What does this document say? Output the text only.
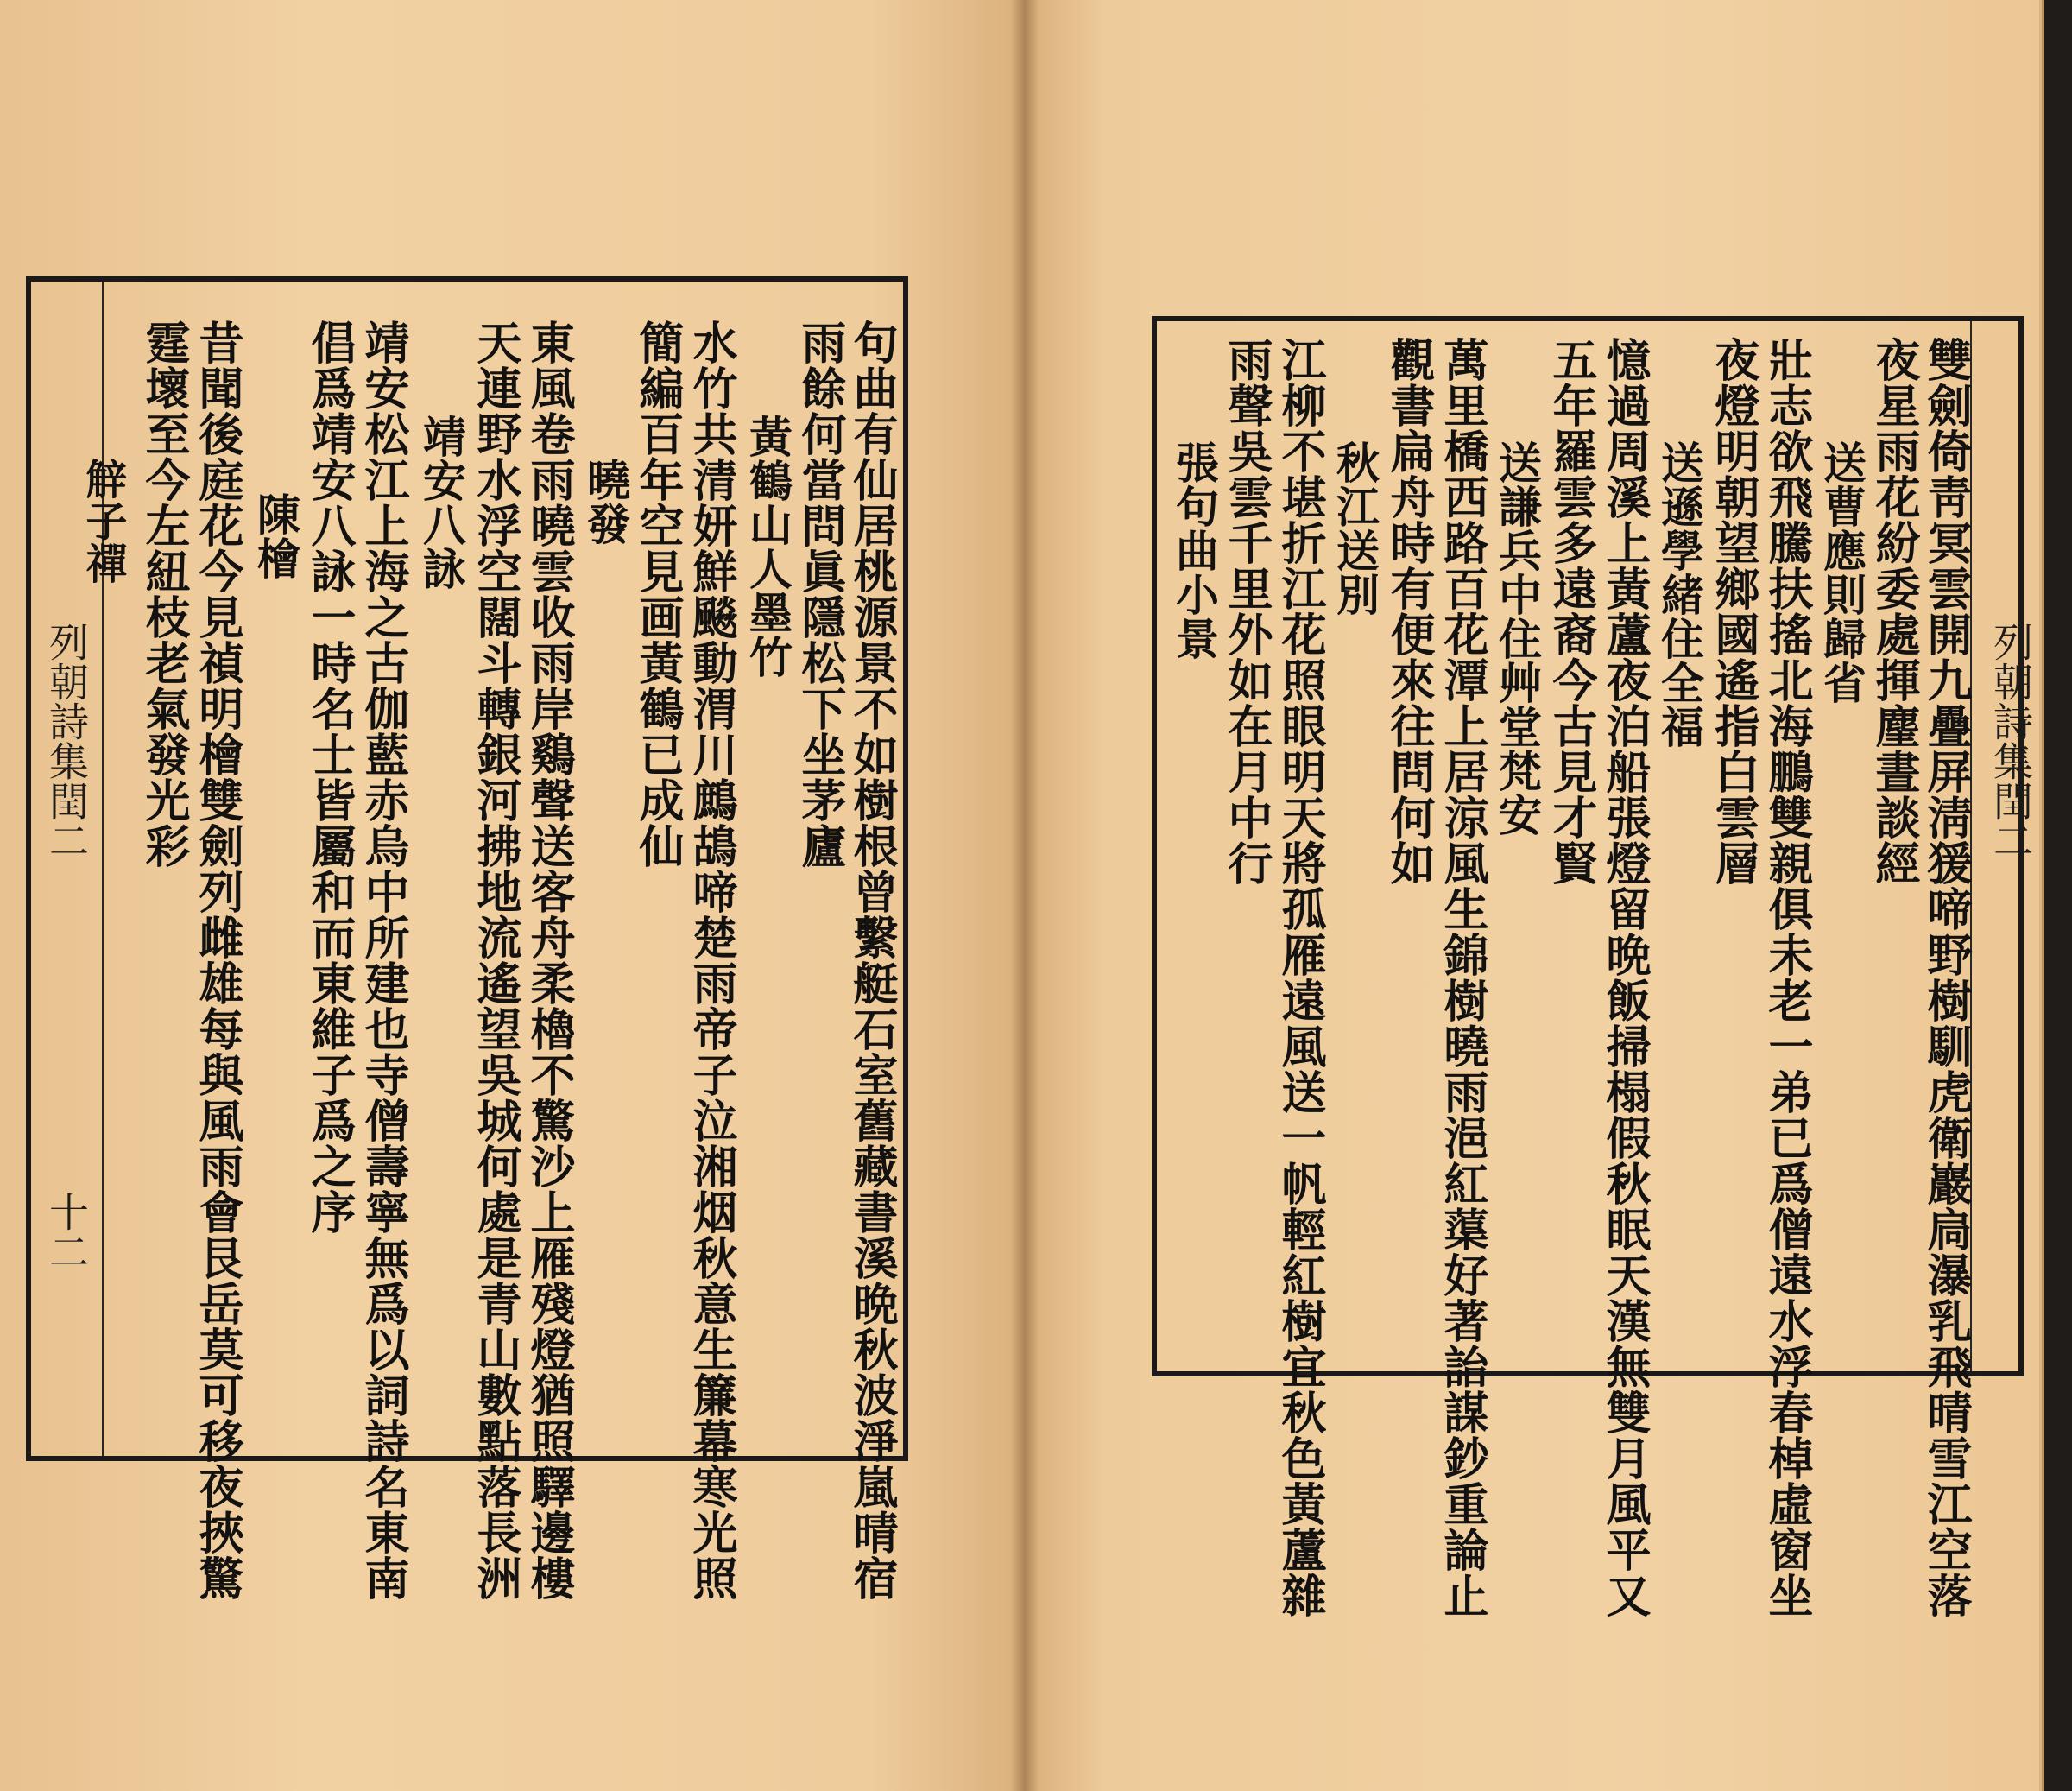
列朝詩集閏二
十二	句曲有仙居桃源景不如樹根曾繫艇石室舊藏書溪晩秋波淨嵐晴宿
雨餘何當問眞隱松下坐茅廬
黃鶴山人墨竹
水竹共清妍鮮飈動渭川鷓鴣啼楚雨帝子泣湘烟秋意生簾幕寒光照
簡編百年空見画黃鶴已成仙
曉發
東風卷雨曉雲收雨岸鷄聲送客舟柔櫓不驚沙上雁殘燈猶照驛邊樓
天連野水浮空闊斗轉銀河拂地流遙望吳城何處是青山數點落長洲
靖安八詠
靖安松江上海之古伽藍赤烏中所建也寺僧壽寧無爲以詞詩名東南
倡爲靖安八詠一時名士皆屬和而東維子爲之序
陳檜
昔聞後庭花今見禎明檜雙劍列雌雄每與風雨會艮岳莫可移夜挾驚
霆壞至今左紐枝老氣發光彩
觪子禪
列朝詩集閏二
雙劍倚靑冥雲開九疊屏淸猨啼野樹馴虎衛巖扃瀑乳飛晴雪江空落
夜星雨花紛委處揮麈晝談經
送曹應則歸省
壯志欲飛騰扶搖北海鵬雙親俱未老一弟已爲僧遠水浮春棹虛窗坐
夜燈明朝望鄉國遙指白雲層
送遜學緒住全福
憶過周溪上黃蘆夜泊船張燈留晩飯掃榻假秋眠天漢無雙月風平又
五年羅雲多遠裔今古見才賢
送謙兵中住艸堂梵安
萬里橋西路百花潭上居涼風生錦樹曉雨浥紅蕖好著詒謀鈔重論止
觀書扁舟時有便來往問何如
秋江送別
江柳不堪折江花照眼明天將孤雁遠風送一帆輕紅樹宜秋色黃蘆雜
雨聲吳雲千里外如在月中行
張句曲小景
